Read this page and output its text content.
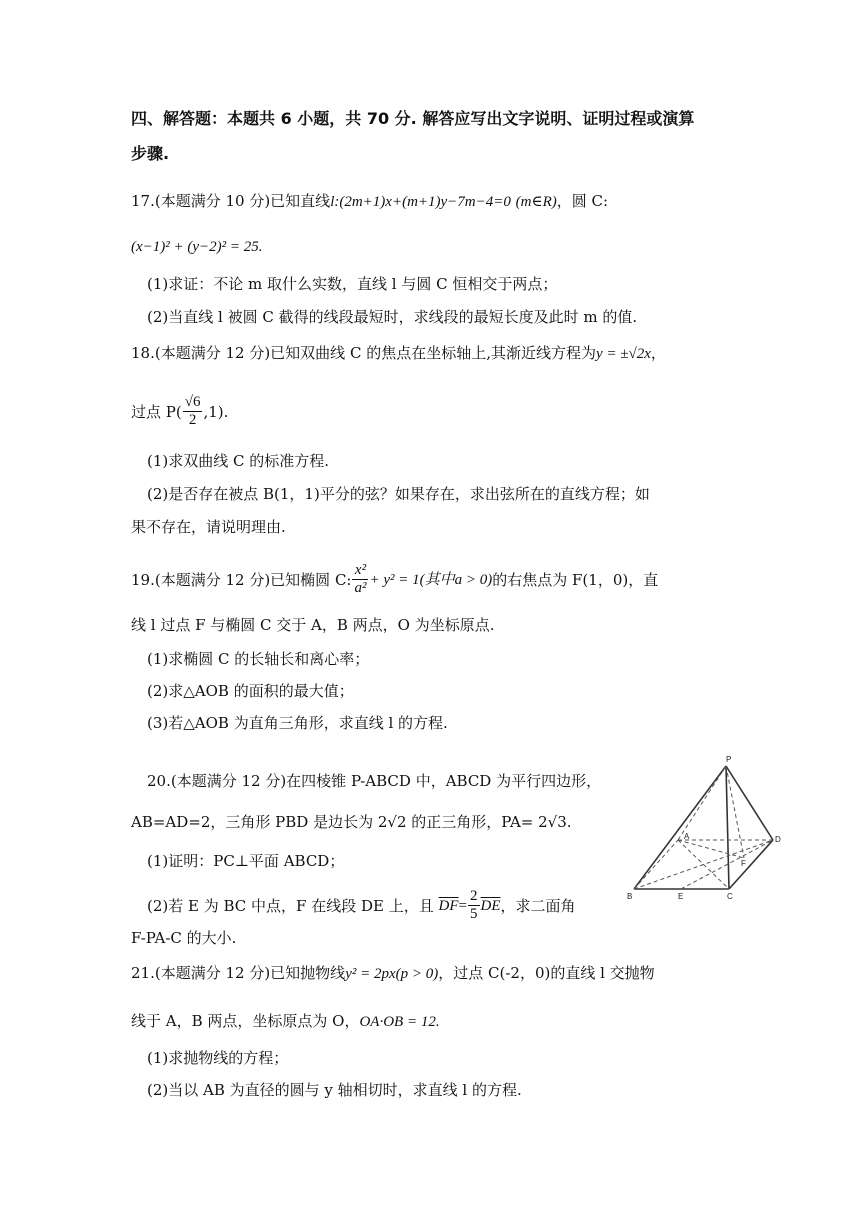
四、解答题：本题共 6 小题，共 70 分. 解答应写出文字说明、证明过程或演算
步骤.
17.(本题满分 10 分)已知直线l:(2m+1)x+(m+1)y−7m−4=0 (m∈R)，圆 C:
(x−1)² + (y−2)² = 25.
(1)求证：不论 m 取什么实数，直线 l 与圆 C 恒相交于两点；
(2)当直线 l 被圆 C 截得的线段最短时，求线段的最短长度及此时 m 的值.
18.(本题满分 12 分)已知双曲线 C 的焦点在坐标轴上,其渐近线方程为y = ±√2x，
过点 $P( \frac{√6}{2} ,1)$.
(1)求双曲线 C 的标准方程.
(2)是否存在被点 B(1，1)平分的弦？如果存在，求出弦所在的直线方程；如
果不存在，请说明理由.
19.(本题满分 12 分)已知椭圆 C: $\frac{\text{x²}}{\text{a²}} + y^2 = 1$(其中a > 0)的右焦点为 F(1，0)，直
线 l 过点 F 与椭圆 C 交于 A，B 两点，O 为坐标原点.
(1)求椭圆 C 的长轴长和离心率；
(2)求△AOB 的面积的最大值；
(3)若△AOB 为直角三角形，求直线 l 的方程.
20.(本题满分 12 分)在四棱锥 P-ABCD 中，ABCD 为平行四边形，
AB=AD=2，三角形 PBD 是边长为 2√2 的正三角形，PA= 2√3.
(1)证明：PC⊥平面 ABCD；
(2)若 E 为 BC 中点，F 在线段 DE 上，且 $\overline{DF}= \frac{2}{5} \overline{DE}$，求二面角
F-PA-C 的大小.
P
A	D
F
B	E	C
21.(本题满分 12 分)已知抛物线y² = 2px(p > 0)，过点 C(-2，0)的直线 l 交抛物
线于 A，B 两点，坐标原点为 O，OA·OB = 12.
(1)求抛物线的方程；
(2)当以 AB 为直径的圆与 y 轴相切时，求直线 l 的方程.
